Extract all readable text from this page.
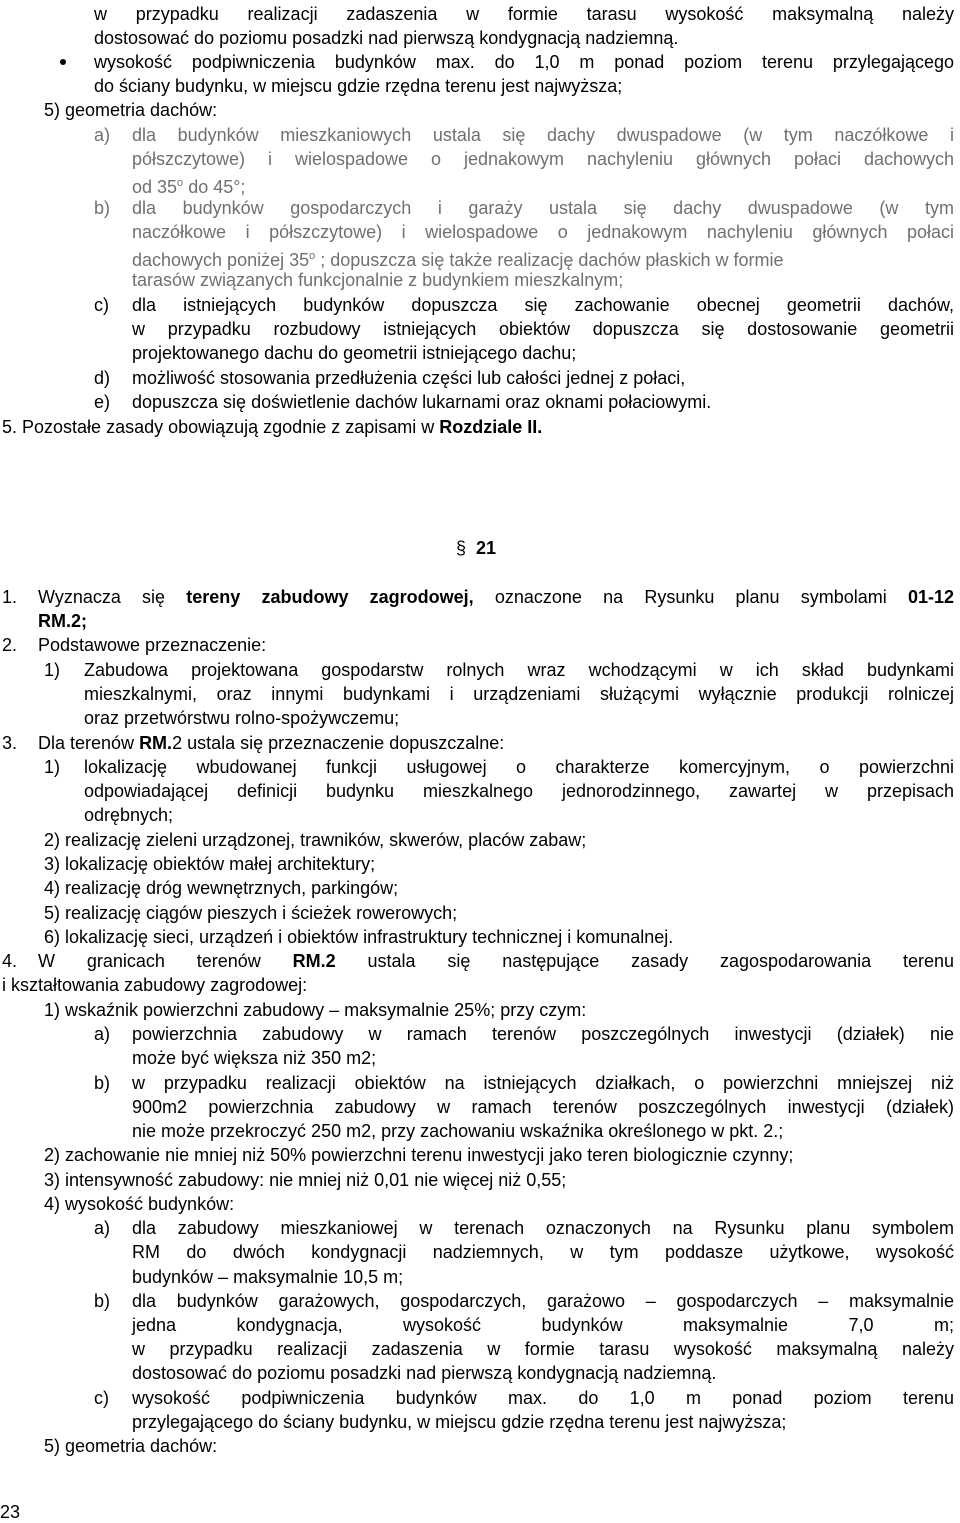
w przypadku realizacji zadaszenia w formie tarasu wysokość maksymalną należy
dostosować do poziomu posadzki nad pierwszą kondygnacją nadziemną.
wysokość podpiwniczenia budynków max. do 1,0 m ponad poziom terenu przylegającego
do ściany budynku, w miejscu gdzie rzędna terenu jest najwyższa;
5) geometria dachów:
a) dla budynków mieszkaniowych ustala się dachy dwuspadowe (w tym naczółkowe i
półszczytowe) i wielospadowe o jednakowym nachyleniu głównych połaci dachowych
od 35$^o$ do 45°;
b) dla budynków gospodarczych i garaży ustala się dachy dwuspadowe (w tym
naczółkowe i półszczytowe) i wielospadowe o jednakowym nachyleniu głównych połaci
dachowych poniżej 35$^o$ ; dopuszcza się także realizację dachów płaskich w formie
tarasów związanych funkcjonalnie z budynkiem mieszkalnym;
c) dla istniejących budynków dopuszcza się zachowanie obecnej geometrii dachów,
w przypadku rozbudowy istniejących obiektów dopuszcza się dostosowanie geometrii
projektowanego dachu do geometrii istniejącego dachu;
d) możliwość stosowania przedłużenia części lub całości jednej z połaci,
e) dopuszcza się doświetlenie dachów lukarnami oraz oknami połaciowymi.
5. Pozostałe zasady obowiązują zgodnie z zapisami w Rozdziale II.
§ 21
1. Wyznacza się tereny zabudowy zagrodowej, oznaczone na Rysunku planu symbolami 01-12
RM.2;
2. Podstawowe przeznaczenie:
1) Zabudowa projektowana gospodarstw rolnych wraz wchodzącymi w ich skład budynkami
mieszkalnymi, oraz innymi budynkami i urządzeniami służącymi wyłącznie produkcji rolniczej
oraz przetwórstwu rolno-spożywczemu;
3. Dla terenów RM.2 ustala się przeznaczenie dopuszczalne:
1) lokalizację wbudowanej funkcji usługowej o charakterze komercyjnym, o powierzchni
odpowiadającej definicji budynku mieszkalnego jednorodzinnego, zawartej w przepisach
odrębnych;
2) realizację zieleni urządzonej, trawników, skwerów, placów zabaw;
3) lokalizację obiektów małej architektury;
4) realizację dróg wewnętrznych, parkingów;
5) realizację ciągów pieszych i ścieżek rowerowych;
6) lokalizację sieci, urządzeń i obiektów infrastruktury technicznej i komunalnej.
4. W granicach terenów RM.2 ustala się następujące zasady zagospodarowania terenu
i kształtowania zabudowy zagrodowej:
1) wskaźnik powierzchni zabudowy – maksymalnie 25%; przy czym:
a) powierzchnia zabudowy w ramach terenów poszczególnych inwestycji (działek) nie
może być większa niż 350 m2;
b) w przypadku realizacji obiektów na istniejących działkach, o powierzchni mniejszej niż
900m2 powierzchnia zabudowy w ramach terenów poszczególnych inwestycji (działek)
nie może przekroczyć 250 m2, przy zachowaniu wskaźnika określonego w pkt. 2.;
2) zachowanie nie mniej niż 50% powierzchni terenu inwestycji jako teren biologicznie czynny;
3) intensywność zabudowy: nie mniej niż 0,01 nie więcej niż 0,55;
4) wysokość budynków:
a) dla zabudowy mieszkaniowej w terenach oznaczonych na Rysunku planu symbolem
RM do dwóch kondygnacji nadziemnych, w tym poddasze użytkowe, wysokość
budynków – maksymalnie 10,5 m;
b) dla budynków garażowych, gospodarczych, garażowo – gospodarczych – maksymalnie
jedna kondygnacja, wysokość budynków maksymalnie 7,0 m;
w przypadku realizacji zadaszenia w formie tarasu wysokość maksymalną należy
dostosować do poziomu posadzki nad pierwszą kondygnacją nadziemną.
c) wysokość podpiwniczenia budynków max. do 1,0 m ponad poziom terenu
przylegającego do ściany budynku, w miejscu gdzie rzędna terenu jest najwyższa;
5) geometria dachów:
23
